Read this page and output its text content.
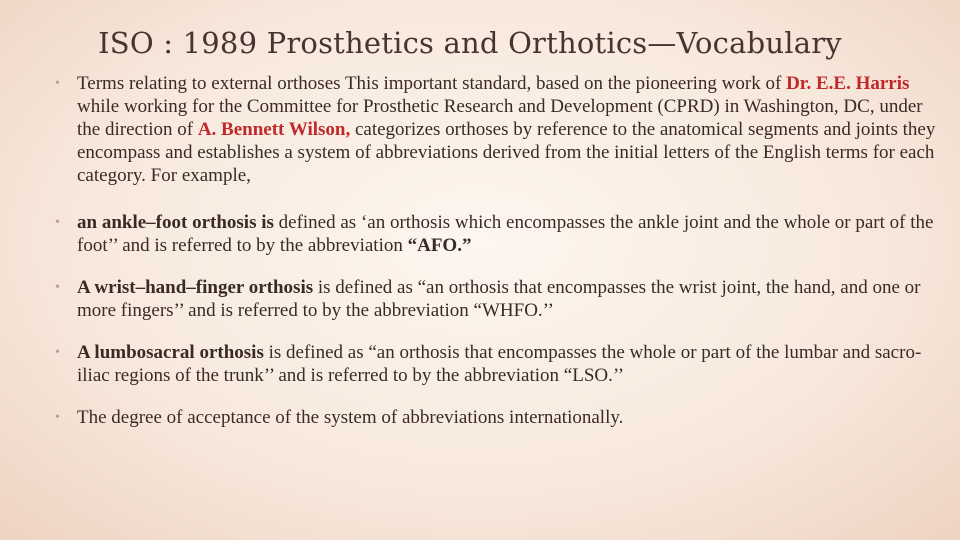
ISO : 1989 Prosthetics and Orthotics—Vocabulary
• Terms relating to external orthoses This important standard, based on the pioneering work of Dr. E.E. Harris while working for the Committee for Prosthetic Research and Development (CPRD) in Washington, DC, under the direction of A. Bennett Wilson, categorizes orthoses by reference to the anatomical segments and joints they encompass and establishes a system of abbreviations derived from the initial letters of the English terms for each category. For example,
• an ankle–foot orthosis is defined as ‘an orthosis which encompasses the ankle joint and the whole or part of the foot’’ and is referred to by the abbreviation “AFO.”
• A wrist–hand–finger orthosis is defined as “an orthosis that encompasses the wrist joint, the hand, and one or more fingers’’ and is referred to by the abbreviation “WHFO.’’
• A lumbosacral orthosis is defined as “an orthosis that encompasses the whole or part of the lumbar and sacro-iliac regions of the trunk’’ and is referred to by the abbreviation “LSO.’’
• The degree of acceptance of the system of abbreviations internationally.
